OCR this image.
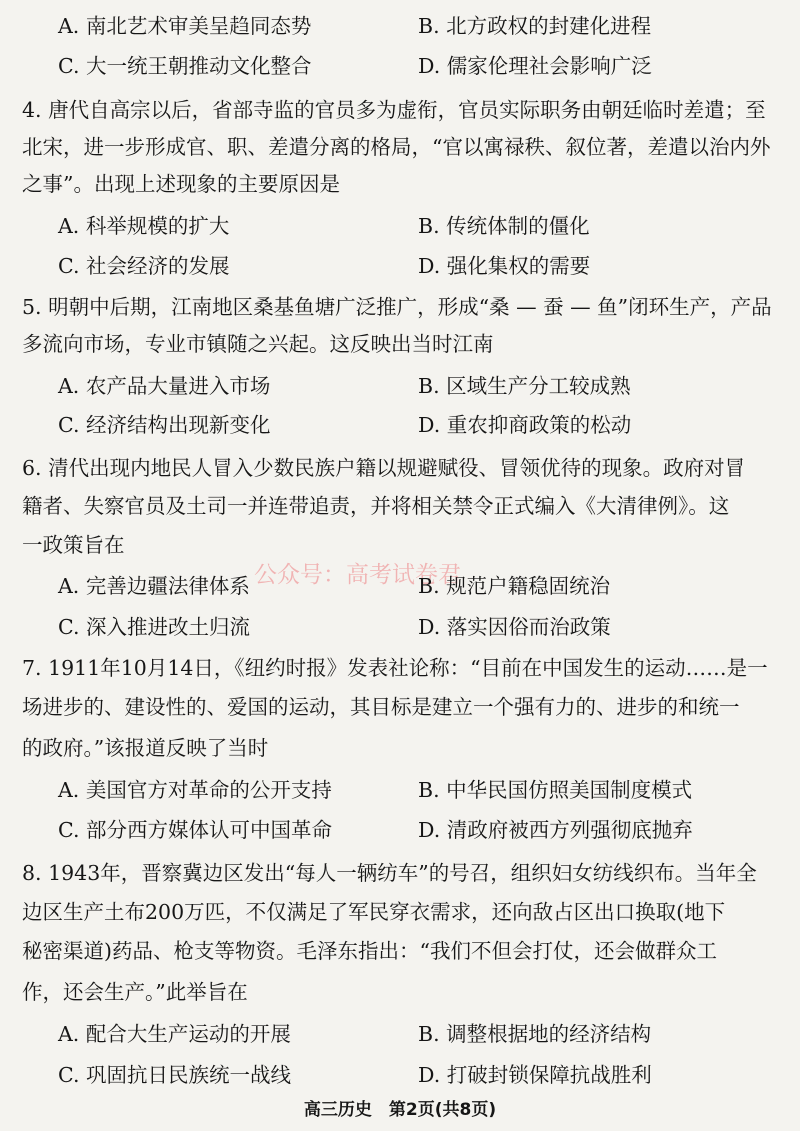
A. 南北艺术审美呈趋同态势	B. 北方政权的封建化进程
C. 大一统王朝推动文化整合	D. 儒家伦理社会影响广泛
4. 唐代自高宗以后，省部寺监的官员多为虚衔，官员实际职务由朝廷临时差遣；至
北宋，进一步形成官、职、差遣分离的格局，“官以寓禄秩、叙位著，差遣以治内外
之事”。出现上述现象的主要原因是
A. 科举规模的扩大	B. 传统体制的僵化
C. 社会经济的发展	D. 强化集权的需要
5. 明朝中后期，江南地区桑基鱼塘广泛推广，形成“桑 — 蚕 — 鱼”闭环生产，产品
多流向市场，专业市镇随之兴起。这反映出当时江南
A. 农产品大量进入市场	B. 区域生产分工较成熟
C. 经济结构出现新变化	D. 重农抑商政策的松动
6. 清代出现内地民人冒入少数民族户籍以规避赋役、冒领优待的现象。政府对冒
籍者、失察官员及土司一并连带追责，并将相关禁令正式编入《大清律例》。这
一政策旨在
公众号：高考试卷君
A. 完善边疆法律体系	B. 规范户籍稳固统治
C. 深入推进改土归流	D. 落实因俗而治政策
7. 1911年10月14日，《纽约时报》发表社论称：“目前在中国发生的运动……是一
场进步的、建设性的、爱国的运动，其目标是建立一个强有力的、进步的和统一
的政府。”该报道反映了当时
A. 美国官方对革命的公开支持	B. 中华民国仿照美国制度模式
C. 部分西方媒体认可中国革命	D. 清政府被西方列强彻底抛弃
8. 1943年，晋察冀边区发出“每人一辆纺车”的号召，组织妇女纺线织布。当年全
边区生产土布200万匹，不仅满足了军民穿衣需求，还向敌占区出口换取(地下
秘密渠道)药品、枪支等物资。毛泽东指出：“我们不但会打仗，还会做群众工
作，还会生产。”此举旨在
A. 配合大生产运动的开展	B. 调整根据地的经济结构
C. 巩固抗日民族统一战线	D. 打破封锁保障抗战胜利
高三历史　第2页(共8页)
